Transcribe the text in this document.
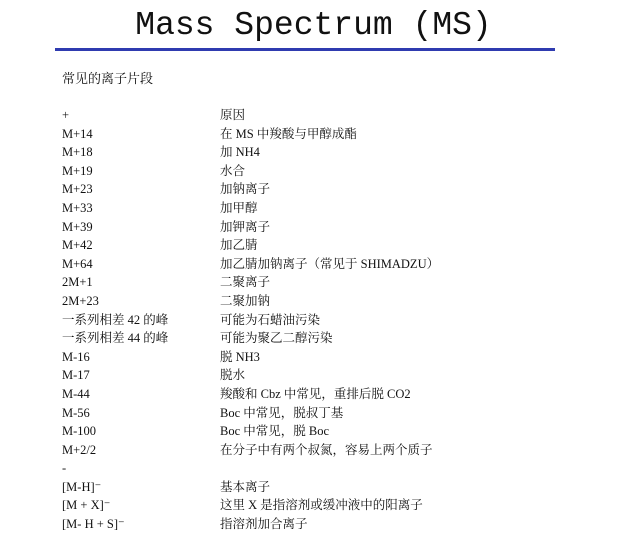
Mass Spectrum (MS)
常见的离子片段
+	原因
M+14	在 MS 中羧酸与甲醇成酯
M+18	加 NH4
M+19	水合
M+23	加钠离子
M+33	加甲醇
M+39	加钾离子
M+42	加乙腈
M+64	加乙腈加钠离子（常见于 SHIMADZU）
2M+1	二聚离子
2M+23	二聚加钠
一系列相差 42 的峰	可能为石蜡油污染
一系列相差 44 的峰	可能为聚乙二醇污染
M-16	脱 NH3
M-17	脱水
M-44	羧酸和 Cbz 中常见，重排后脱 CO2
M-56	Boc 中常见，脱叔丁基
M-100	Boc 中常见，脱 Boc
M+2/2	在分子中有两个叔氮，容易上两个质子
-
[M-H]⁻	基本离子
[M + X]⁻	这里 X 是指溶剂或缓冲液中的阳离子
[M- H + S]⁻	指溶剂加合离子
